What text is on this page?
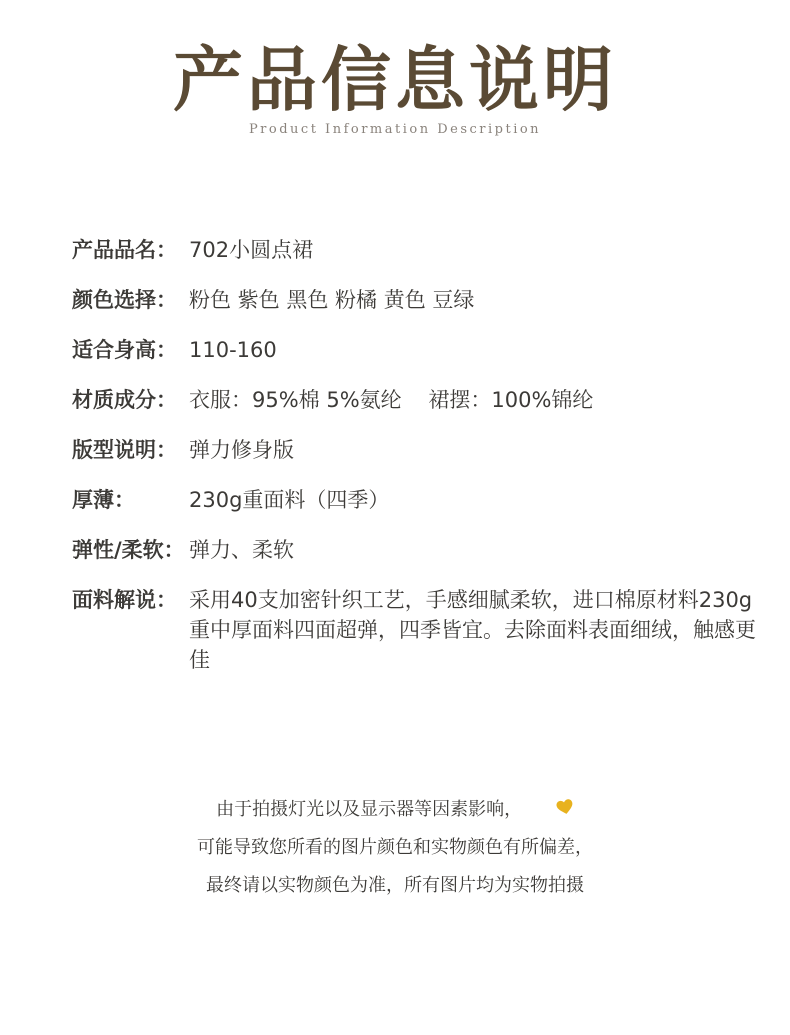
产品信息说明
Product Information Description
产品品名： 702小圆点裙
颜色选择： 粉色 紫色 黑色 粉橘 黄色 豆绿
适合身高： 110-160
材质成分： 衣服：95%棉 5%氨纶    裙摆：100%锦纶
版型说明： 弹力修身版
厚薄：	230g重面料（四季）
弹性/柔软： 弹力、柔软
面料解说： 采用40支加密针织工艺，手感细腻柔软，进口棉原材料230g重中厚面料四面超弹，四季皆宜。去除面料表面细绒，触感更佳
由于拍摄灯光以及显示器等因素影响，
可能导致您所看的图片颜色和实物颜色有所偏差，
最终请以实物颜色为准，所有图片均为实物拍摄
